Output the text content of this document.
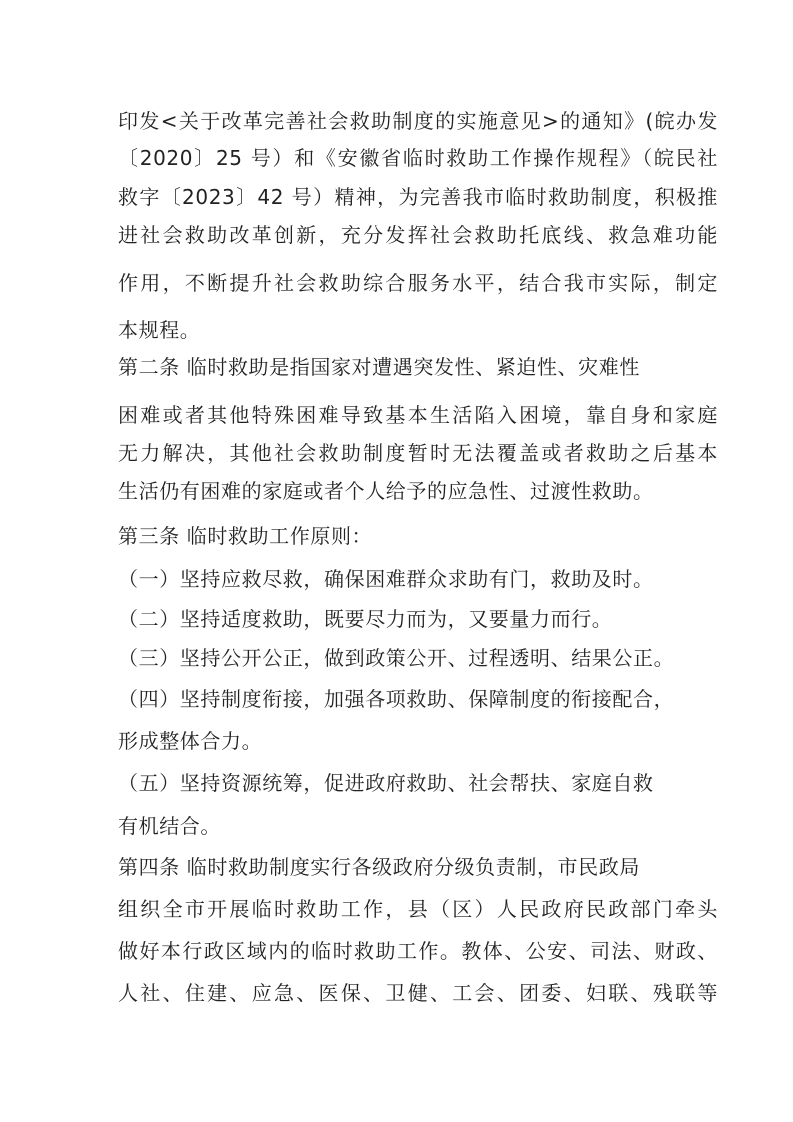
印发<关于改革完善社会救助制度的实施意见>的通知》(皖办发
〔2020〕25 号）和《安徽省临时救助工作操作规程》（皖民社
救字〔2023〕42 号）精神，为完善我市临时救助制度，积极推
进社会救助改革创新，充分发挥社会救助托底线、救急难功能
作用，不断提升社会救助综合服务水平，结合我市实际，制定
本规程。
第二条 临时救助是指国家对遭遇突发性、紧迫性、灾难性
困难或者其他特殊困难导致基本生活陷入困境，靠自身和家庭
无力解决，其他社会救助制度暂时无法覆盖或者救助之后基本
生活仍有困难的家庭或者个人给予的应急性、过渡性救助。
第三条 临时救助工作原则：
（一）坚持应救尽救，确保困难群众求助有门，救助及时。
（二）坚持适度救助，既要尽力而为，又要量力而行。
（三）坚持公开公正，做到政策公开、过程透明、结果公正。
（四）坚持制度衔接，加强各项救助、保障制度的衔接配合，
形成整体合力。
（五）坚持资源统筹，促进政府救助、社会帮扶、家庭自救
有机结合。
第四条 临时救助制度实行各级政府分级负责制，市民政局
组织全市开展临时救助工作，县（区）人民政府民政部门牵头
做好本行政区域内的临时救助工作。教体、公安、司法、财政、
人社、住建、应急、医保、卫健、工会、团委、妇联、残联等
